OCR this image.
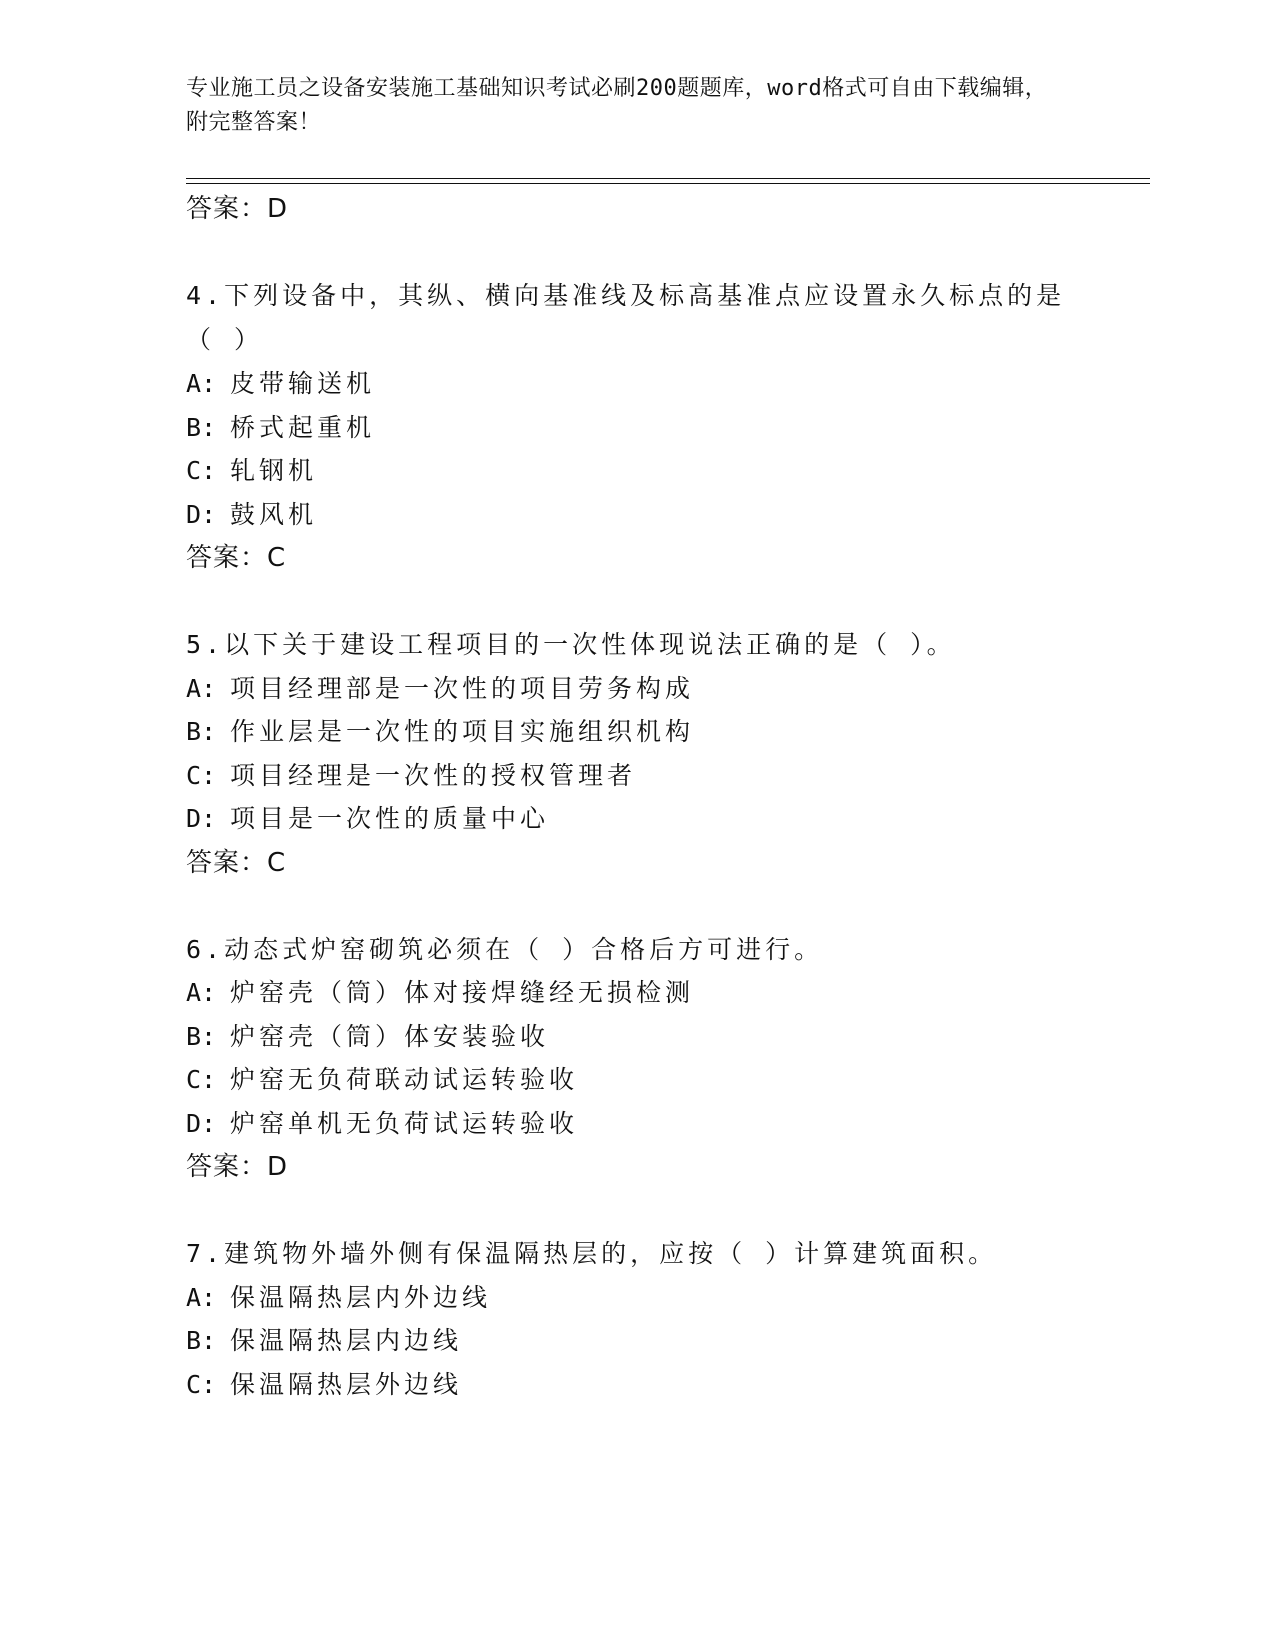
专业施工员之设备安装施工基础知识考试必刷200题题库，word格式可自由下载编辑，附完整答案！
答案：D
4.下列设备中，其纵、横向基准线及标高基准点应设置永久标点的是
（ ）
A: 皮带输送机
B: 桥式起重机
C: 轧钢机
D: 鼓风机
答案：C
5.以下关于建设工程项目的一次性体现说法正确的是（ ）。
A: 项目经理部是一次性的项目劳务构成
B: 作业层是一次性的项目实施组织机构
C: 项目经理是一次性的授权管理者
D: 项目是一次性的质量中心
答案：C
6.动态式炉窑砌筑必须在（ ）合格后方可进行。
A: 炉窑壳（筒）体对接焊缝经无损检测
B: 炉窑壳（筒）体安装验收
C: 炉窑无负荷联动试运转验收
D: 炉窑单机无负荷试运转验收
答案：D
7.建筑物外墙外侧有保温隔热层的，应按（ ）计算建筑面积。
A: 保温隔热层内外边线
B: 保温隔热层内边线
C: 保温隔热层外边线
